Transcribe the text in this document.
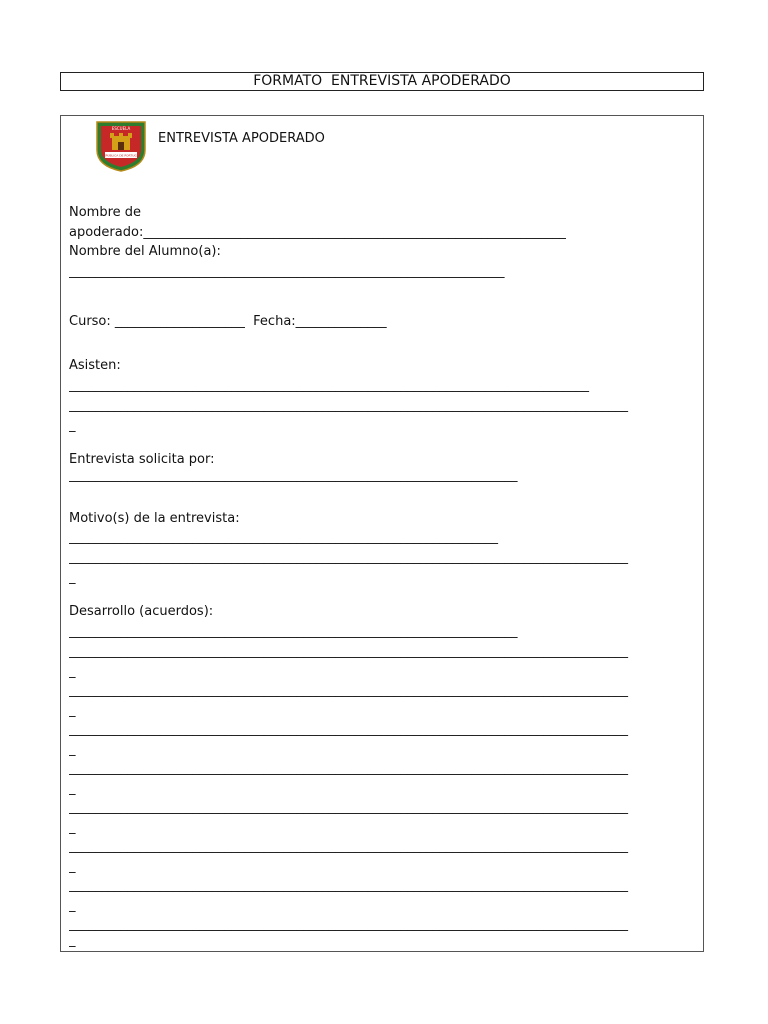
FORMATO  ENTREVISTA APODERADO
ESCUELA
REPÚBLICA DE PORTUGAL
ENTREVISTA APODERADO
Nombre de
apoderado:_________________________________________________________________
Nombre del Alumno(a):
___________________________________________________________________
Curso: ____________________  Fecha:______________
Asisten:
________________________________________________________________________________
______________________________________________________________________________________
_
Entrevista solicita por:
_____________________________________________________________________
Motivo(s) de la entrevista:
__________________________________________________________________
______________________________________________________________________________________
_
Desarrollo (acuerdos):
_____________________________________________________________________
______________________________________________________________________________________
_
______________________________________________________________________________________
_
______________________________________________________________________________________
_
______________________________________________________________________________________
_
______________________________________________________________________________________
_
______________________________________________________________________________________
_
______________________________________________________________________________________
_
______________________________________________________________________________________
_
